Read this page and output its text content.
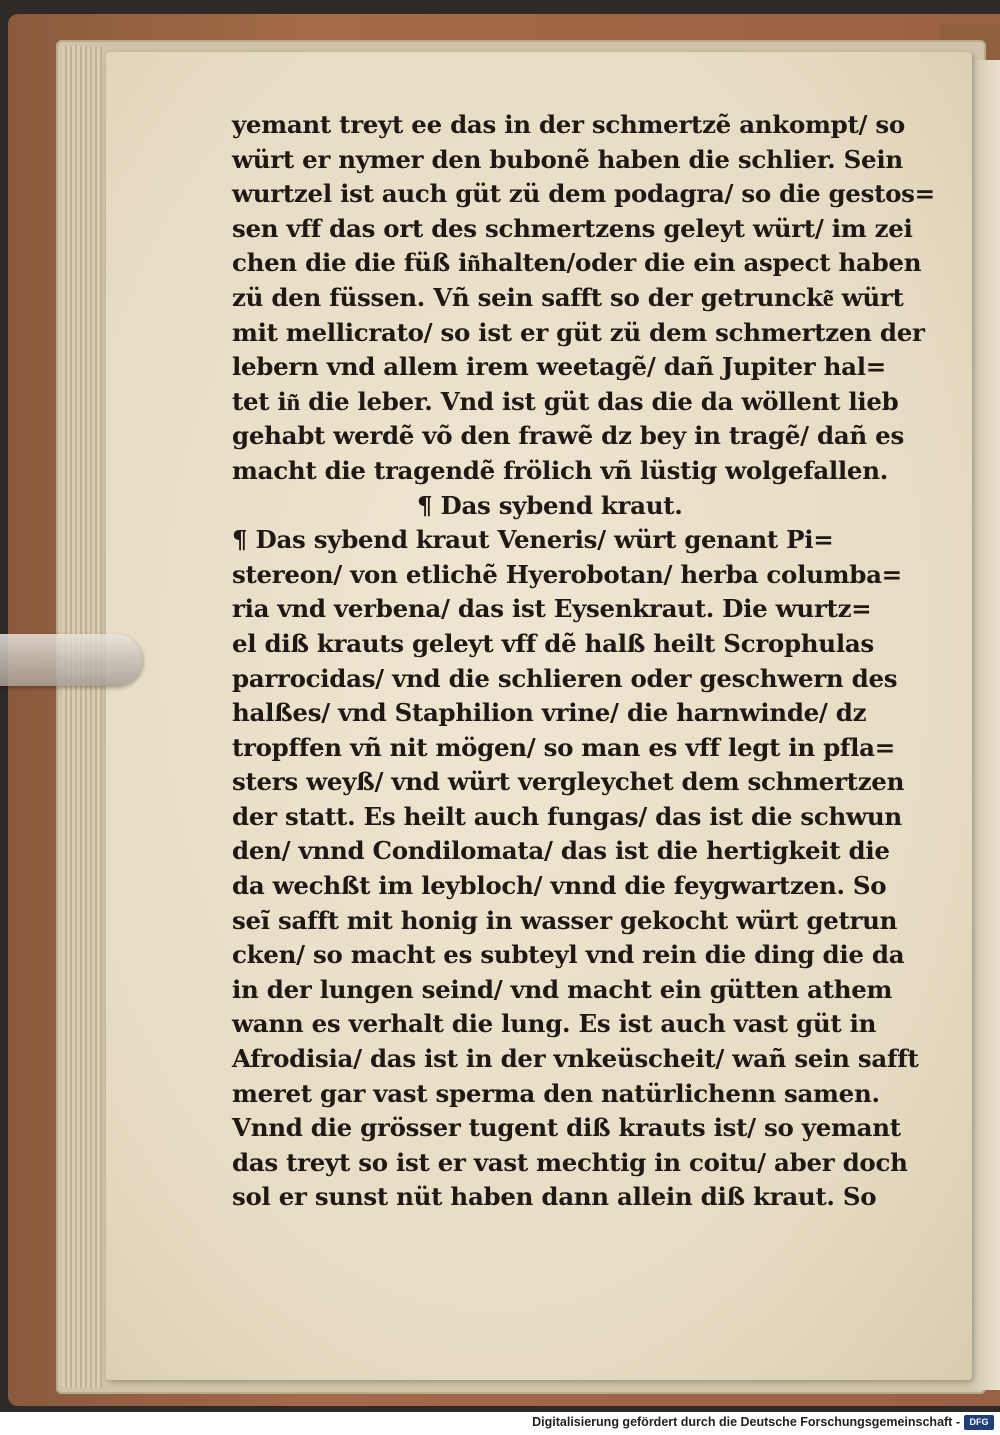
yemant treyt ee das in der schmertzẽ ankompt/ so
würt er nymer den bubonẽ haben die schlier. Sein
wurtzel ist auch güt zü dem podagra/ so die gestos=
sen vff das ort des schmertzens geleyt würt/ im zei
chen die die füß in͂halten/oder die ein aspect haben
zü den füssen. Vñ sein safft so der getruncke͂ würt
mit mellicrato/ so ist er güt zü dem schmertzen der
lebern vnd allem irem weetagẽ/ dañ Jupiter hal=
tet in͂ die leber. Vnd ist güt das die da wöllent lieb
gehabt werdẽ võ den frawẽ dz bey in tragẽ/ dañ es
macht die tragendẽ frölich vñ lüstig wolgefallen.
¶ Das sybend kraut.
¶ Das sybend kraut Veneris/ würt genant Pi=
stereon/ von etlichẽ Hyerobotan/ herba columba=
ria vnd verbena/ das ist Eysenkraut. Die wurtz=
el diß krauts geleyt vff dẽ halß heilt Scrophulas
parrocidas/ vnd die schlieren oder geschwern des
halßes/ vnd Staphilion vrine/ die harnwinde/ dz
tropffen vñ nit mögen/ so man es vff legt in pfla=
sters weyß/ vnd würt vergleychet dem schmertzen
der statt. Es heilt auch fungas/ das ist die schwun
den/ vnnd Condilomata/ das ist die hertigkeit die
da wechßt im leybloch/ vnnd die feygwartzen. So
seĩ safft mit honig in wasser gekocht würt getrun
cken/ so macht es subteyl vnd rein die ding die da
in der lungen seind/ vnd macht ein gütten athem
wann es verhalt die lung. Es ist auch vast güt in
Afrodisia/ das ist in der vnkeüscheit/ wañ sein safft
meret gar vast sperma den natürlichenn samen.
Vnnd die grösser tugent diß krauts ist/ so yemant
das treyt so ist er vast mechtig in coitu/ aber doch
sol er sunst nüt haben dann allein diß kraut. So
Digitalisierung gefördert durch die Deutsche Forschungsgemeinschaft -	DFG
